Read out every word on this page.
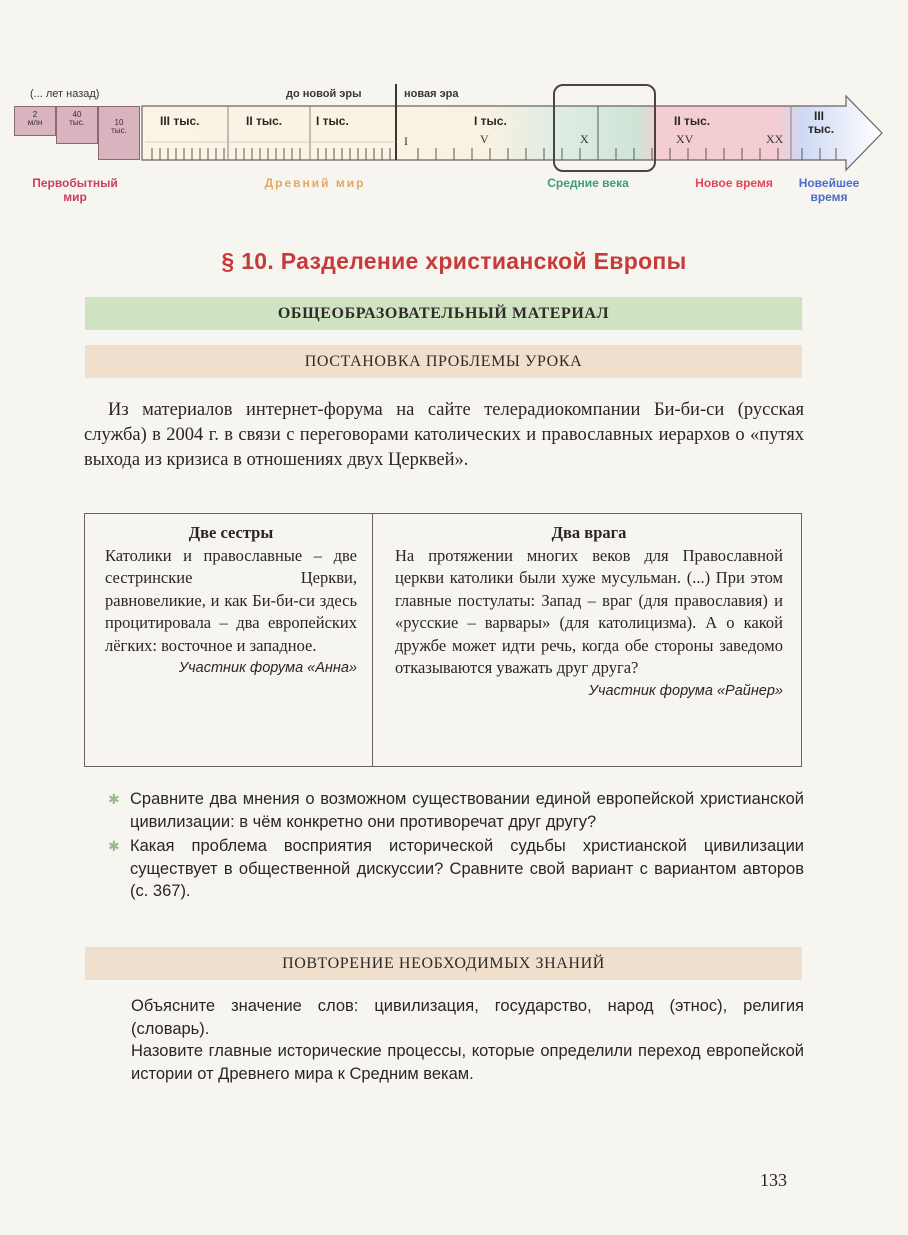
(... лет назад)	до новой эры	новая эра
2
млн
40
тыс.	10
тыс.
III тыс.	II тыс.	I тыс.	I тыс.	II тыс.	III
тыс.
I	V	X	XV	XX
Первобытный
мир
Древний мир	Средние века	Новое время	Новейшее
время
§ 10. Разделение христианской Европы
ОБЩЕОБРАЗОВАТЕЛЬНЫЙ МАТЕРИАЛ
ПОСТАНОВКА ПРОБЛЕМЫ УРОКА
Из материалов интернет-форума на сайте телерадиокомпании Би-би-си (русская служба) в 2004 г. в связи с переговорами католических и православных иерархов о «путях выхода из кризиса в отношениях двух Церквей».
Две сестры
Католики и православные – две сестринские Церкви, равновеликие, и как Би-би-си здесь процитировала – два европейских лёгких: восточное и западное.
Участник форума «Анна»
Два врага
На протяжении многих веков для Православной церкви католики были хуже мусульман. (...) При этом главные постулаты: Запад – враг (для православия) и «русские – варвары» (для католицизма). А о какой дружбе может идти речь, когда обе стороны заведомо отказываются уважать друг друга?
Участник форума «Райнер»
✱ Сравните два мнения о возможном существовании единой европейской христианской цивилизации: в чём конкретно они противоречат друг другу?
✱ Какая проблема восприятия исторической судьбы христианской цивилизации существует в общественной дискуссии? Сравните свой вариант с вариантом авторов (с. 367).
ПОВТОРЕНИЕ НЕОБХОДИМЫХ ЗНАНИЙ

Объясните значение слов: цивилизация, государство, народ (этнос), религия (словарь).

Назовите главные исторические процессы, которые определили переход европейской истории от Древнего мира к Средним векам.

133
